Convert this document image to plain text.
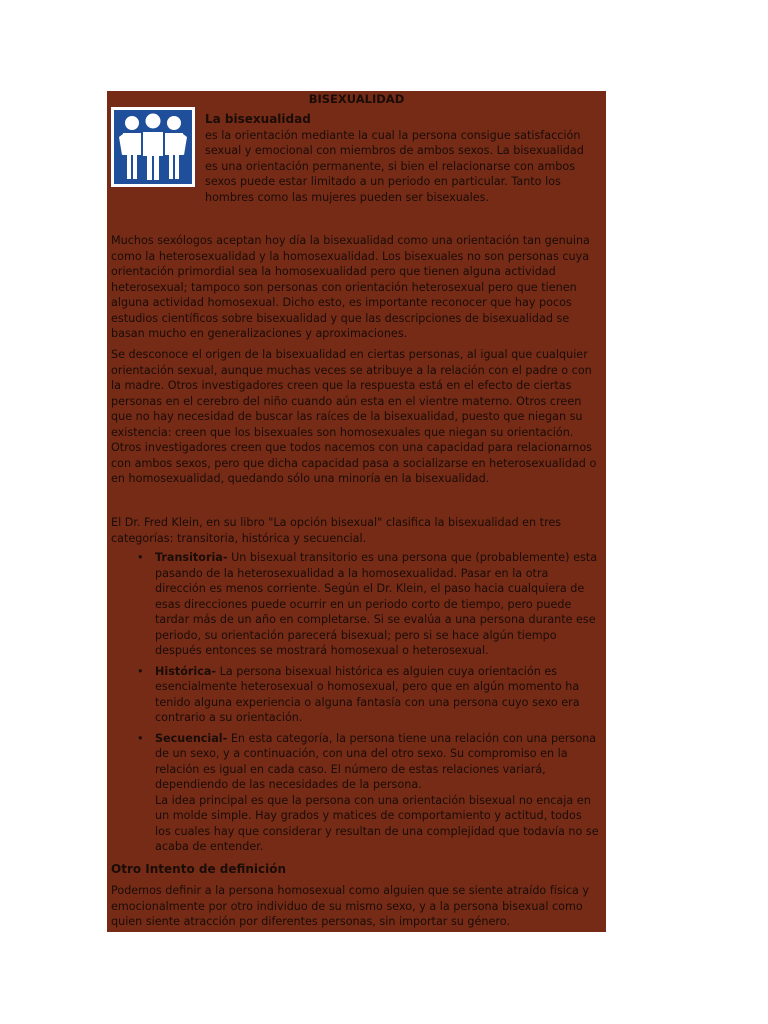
BISEXUALIDAD
La bisexualidad
es la orientación mediante la cual la persona consigue satisfacción sexual y emocional con miembros de ambos sexos. La bisexualidad es una orientación permanente, si bien el relacionarse con ambos sexos puede estar limitado a un periodo en particular. Tanto los hombres como las mujeres pueden ser bisexuales.

Muchos sexólogos aceptan hoy día la bisexualidad como una orientación tan genuina como la heterosexualidad y la homosexualidad. Los bisexuales no son personas cuya orientación primordial sea la homosexualidad pero que tienen alguna actividad heterosexual; tampoco son personas con orientación heterosexual pero que tienen alguna actividad homosexual. Dicho esto, es importante reconocer que hay pocos estudios científicos sobre bisexualidad y que las descripciones de bisexualidad se basan mucho en generalizaciones y aproximaciones.

Se desconoce el origen de la bisexualidad en ciertas personas, al igual que cualquier orientación sexual, aunque muchas veces se atribuye a la relación con el padre o con la madre. Otros investigadores creen que la respuesta está en el efecto de ciertas personas en el cerebro del niño cuando aún esta en el vientre materno. Otros creen que no hay necesidad de buscar las raíces de la bisexualidad, puesto que niegan su existencia: creen que los bisexuales son homosexuales que niegan su orientación. Otros investigadores creen que todos nacemos con una capacidad para relacionarnos con ambos sexos, pero que dicha capacidad pasa a socializarse en heterosexualidad o en homosexualidad, quedando sólo una minoría en la bisexualidad.

El Dr. Fred Klein, en su libro "La opción bisexual" clasifica la bisexualidad en tres categorías: transitoria, histórica y secuencial.

• Transitoria- Un bisexual transitorio es una persona que (probablemente) esta pasando de la heterosexualidad a la homosexualidad. Pasar en la otra dirección es menos corriente. Según el Dr. Klein, el paso hacia cualquiera de esas direcciones puede ocurrir en un periodo corto de tiempo, pero puede tardar más de un año en completarse. Si se evalúa a una persona durante ese periodo, su orientación parecerá bisexual; pero si se hace algún tiempo después entonces se mostrará homosexual o heterosexual.
• Histórica- La persona bisexual histórica es alguien cuya orientación es esencialmente heterosexual o homosexual, pero que en algún momento ha tenido alguna experiencia o alguna fantasía con una persona cuyo sexo era contrario a su orientación.
• Secuencial- En esta categoría, la persona tiene una relación con una persona de un sexo, y a continuación, con una del otro sexo. Su compromiso en la relación es igual en cada caso. El número de estas relaciones variará, dependiendo de las necesidades de la persona.
La idea principal es que la persona con una orientación bisexual no encaja en un molde simple. Hay grados y matices de comportamiento y actitud, todos los cuales hay que considerar y resultan de una complejidad que todavía no se acaba de entender.
Otro Intento de definición

Podemos definir a la persona homosexual como alguien que se siente atraído física y emocionalmente por otro individuo de su mismo sexo, y a la persona bisexual como quien siente atracción por diferentes personas, sin importar su género.
